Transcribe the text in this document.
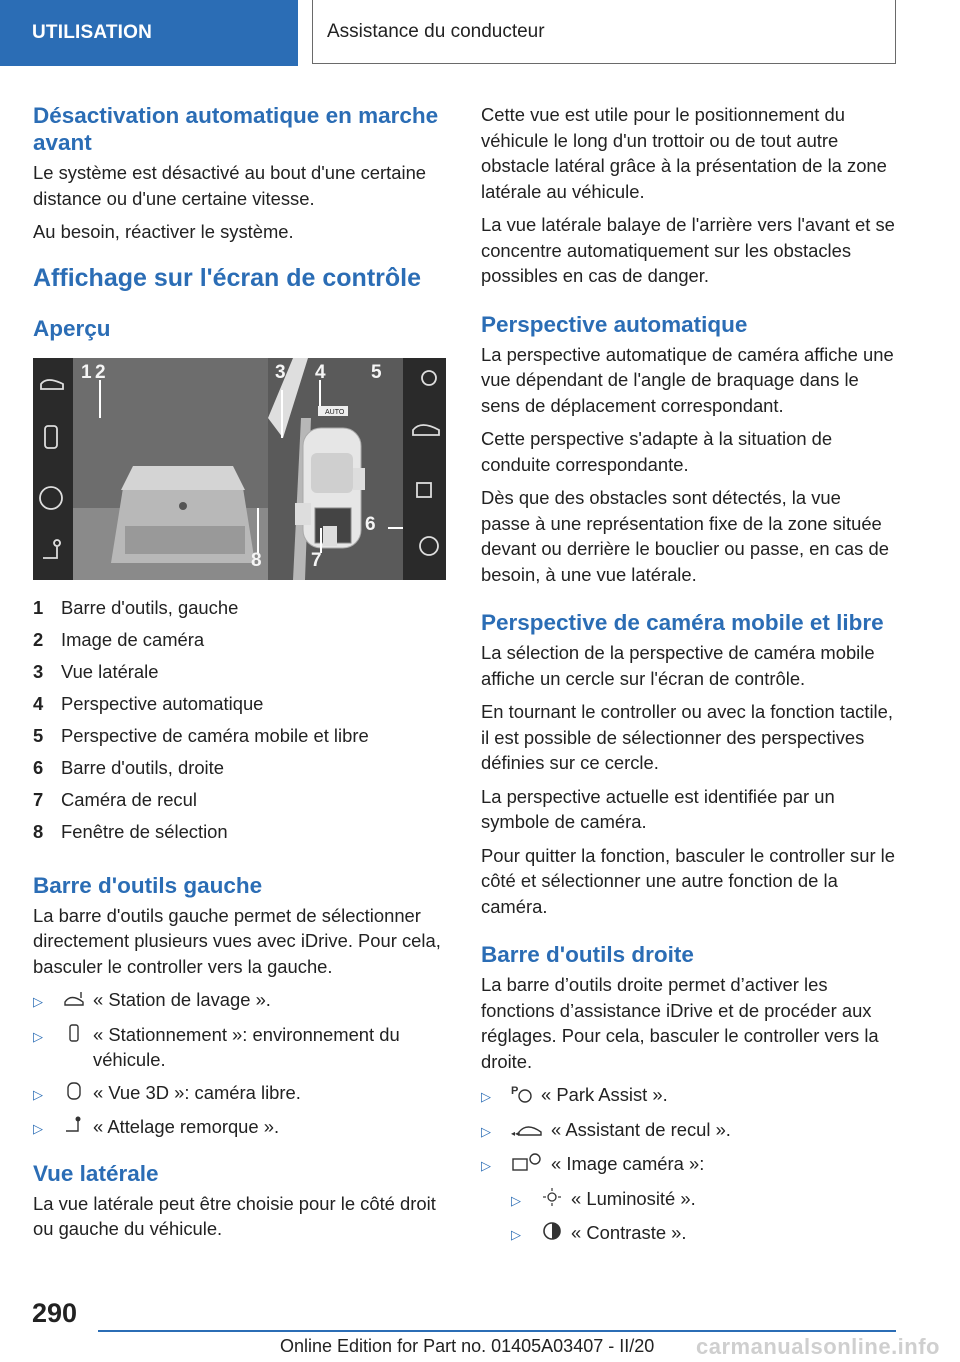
UTILISATION	Assistance du conducteur
Désactivation automatique en marche avant

Le système est désactivé au bout d'une certaine distance ou d'une certaine vitesse.

Au besoin, réactiver le système.

Affichage sur l'écran de contrôle
Aperçu
AUTO
1 2	3 4 5
6
7
8
1 Barre d'outils, gauche
2 Image de caméra
3 Vue latérale
4 Perspective automatique
5 Perspective de caméra mobile et libre
6 Barre d'outils, droite
7 Caméra de recul
8 Fenêtre de sélection
Barre d'outils gauche

La barre d'outils gauche permet de sélectionner directement plusieurs vues avec iDrive. Pour cela, basculer le controller vers la gauche.

▷	« Station de lavage ».
▷	« Stationnement »: environnement du véhicule.
▷	« Vue 3D »: caméra libre.
▷	« Attelage remorque ».
Vue latérale

La vue latérale peut être choisie pour le côté droit ou gauche du véhicule.

Cette vue est utile pour le positionnement du véhicule le long d'un trottoir ou de tout autre obstacle latéral grâce à la présentation de la zone latérale au véhicule.

La vue latérale balaye de l'arrière vers l'avant et se concentre automatiquement sur les obstacles possibles en cas de danger.

Perspective automatique

La perspective automatique de caméra affiche une vue dépendant de l'angle de braquage dans le sens de déplacement correspondant.

Cette perspective s'adapte à la situation de conduite correspondante.

Dès que des obstacles sont détectés, la vue passe à une représentation fixe de la zone située devant ou derrière le bouclier ou passe, en cas de besoin, à une vue latérale.

Perspective de caméra mobile et libre

La sélection de la perspective de caméra mobile affiche un cercle sur l'écran de contrôle.

En tournant le controller ou avec la fonction tactile, il est possible de sélectionner des perspectives définies sur ce cercle.

La perspective actuelle est identifiée par un symbole de caméra.

Pour quitter la fonction, basculer le controller sur le côté et sélectionner une autre fonction de la caméra.

Barre d'outils droite

La barre d’outils droite permet d’activer les fonctions d’assistance iDrive et de procéder aux réglages. Pour cela, basculer le controller vers la droite.

▷	P « Park Assist ».
▷	◂◂ « Assistant de recul ».
▷	« Image caméra »:
▷	« Luminosité ».
▷	« Contraste ».
290
Online Edition for Part no. 01405A03407 - II/20 carmanualsonline.info
